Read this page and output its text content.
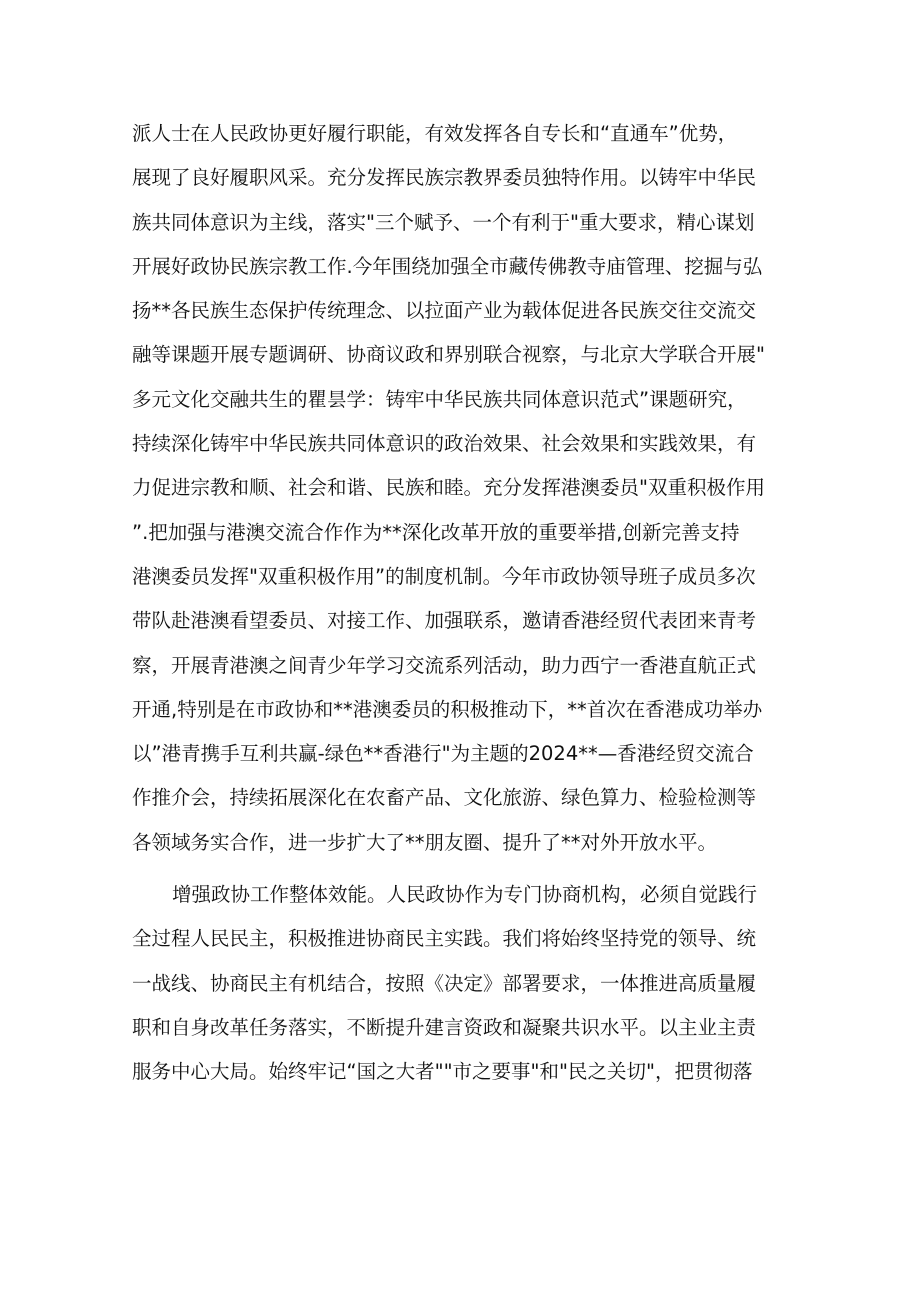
派人士在人民政协更好履行职能，有效发挥各自专长和“直通车”优势，
展现了良好履职风采。充分发挥民族宗教界委员独特作用。以铸牢中华民
族共同体意识为主线，落实"三个赋予、一个有利于"重大要求，精心谋划
开展好政协民族宗教工作.今年围绕加强全市藏传佛教寺庙管理、挖掘与弘
扬**各民族生态保护传统理念、以拉面产业为载体促进各民族交往交流交
融等课题开展专题调研、协商议政和界别联合视察，与北京大学联合开展"
多元文化交融共生的瞿昙学：铸牢中华民族共同体意识范式”课题研究，
持续深化铸牢中华民族共同体意识的政治效果、社会效果和实践效果，有
力促进宗教和顺、社会和谐、民族和睦。充分发挥港澳委员"双重积极作用
”.把加强与港澳交流合作作为**深化改革开放的重要举措,创新完善支持
港澳委员发挥"双重积极作用”的制度机制。今年市政协领导班子成员多次
带队赴港澳看望委员、对接工作、加强联系，邀请香港经贸代表团来青考
察，开展青港澳之间青少年学习交流系列活动，助力西宁一香港直航正式
开通,特别是在市政协和**港澳委员的积极推动下，**首次在香港成功举办
以”港青携手互利共赢-绿色**香港行"为主题的2024**—香港经贸交流合
作推介会，持续拓展深化在农畜产品、文化旅游、绿色算力、检验检测等
各领域务实合作，进一步扩大了**朋友圈、提升了**对外开放水平。
增强政协工作整体效能。人民政协作为专门协商机构，必须自觉践行
全过程人民民主，积极推进协商民主实践。我们将始终坚持党的领导、统
一战线、协商民主有机结合，按照《决定》部署要求，一体推进高质量履
职和自身改革任务落实，不断提升建言资政和凝聚共识水平。以主业主责
服务中心大局。始终牢记“国之大者""市之要事"和"民之关切"，把贯彻落
